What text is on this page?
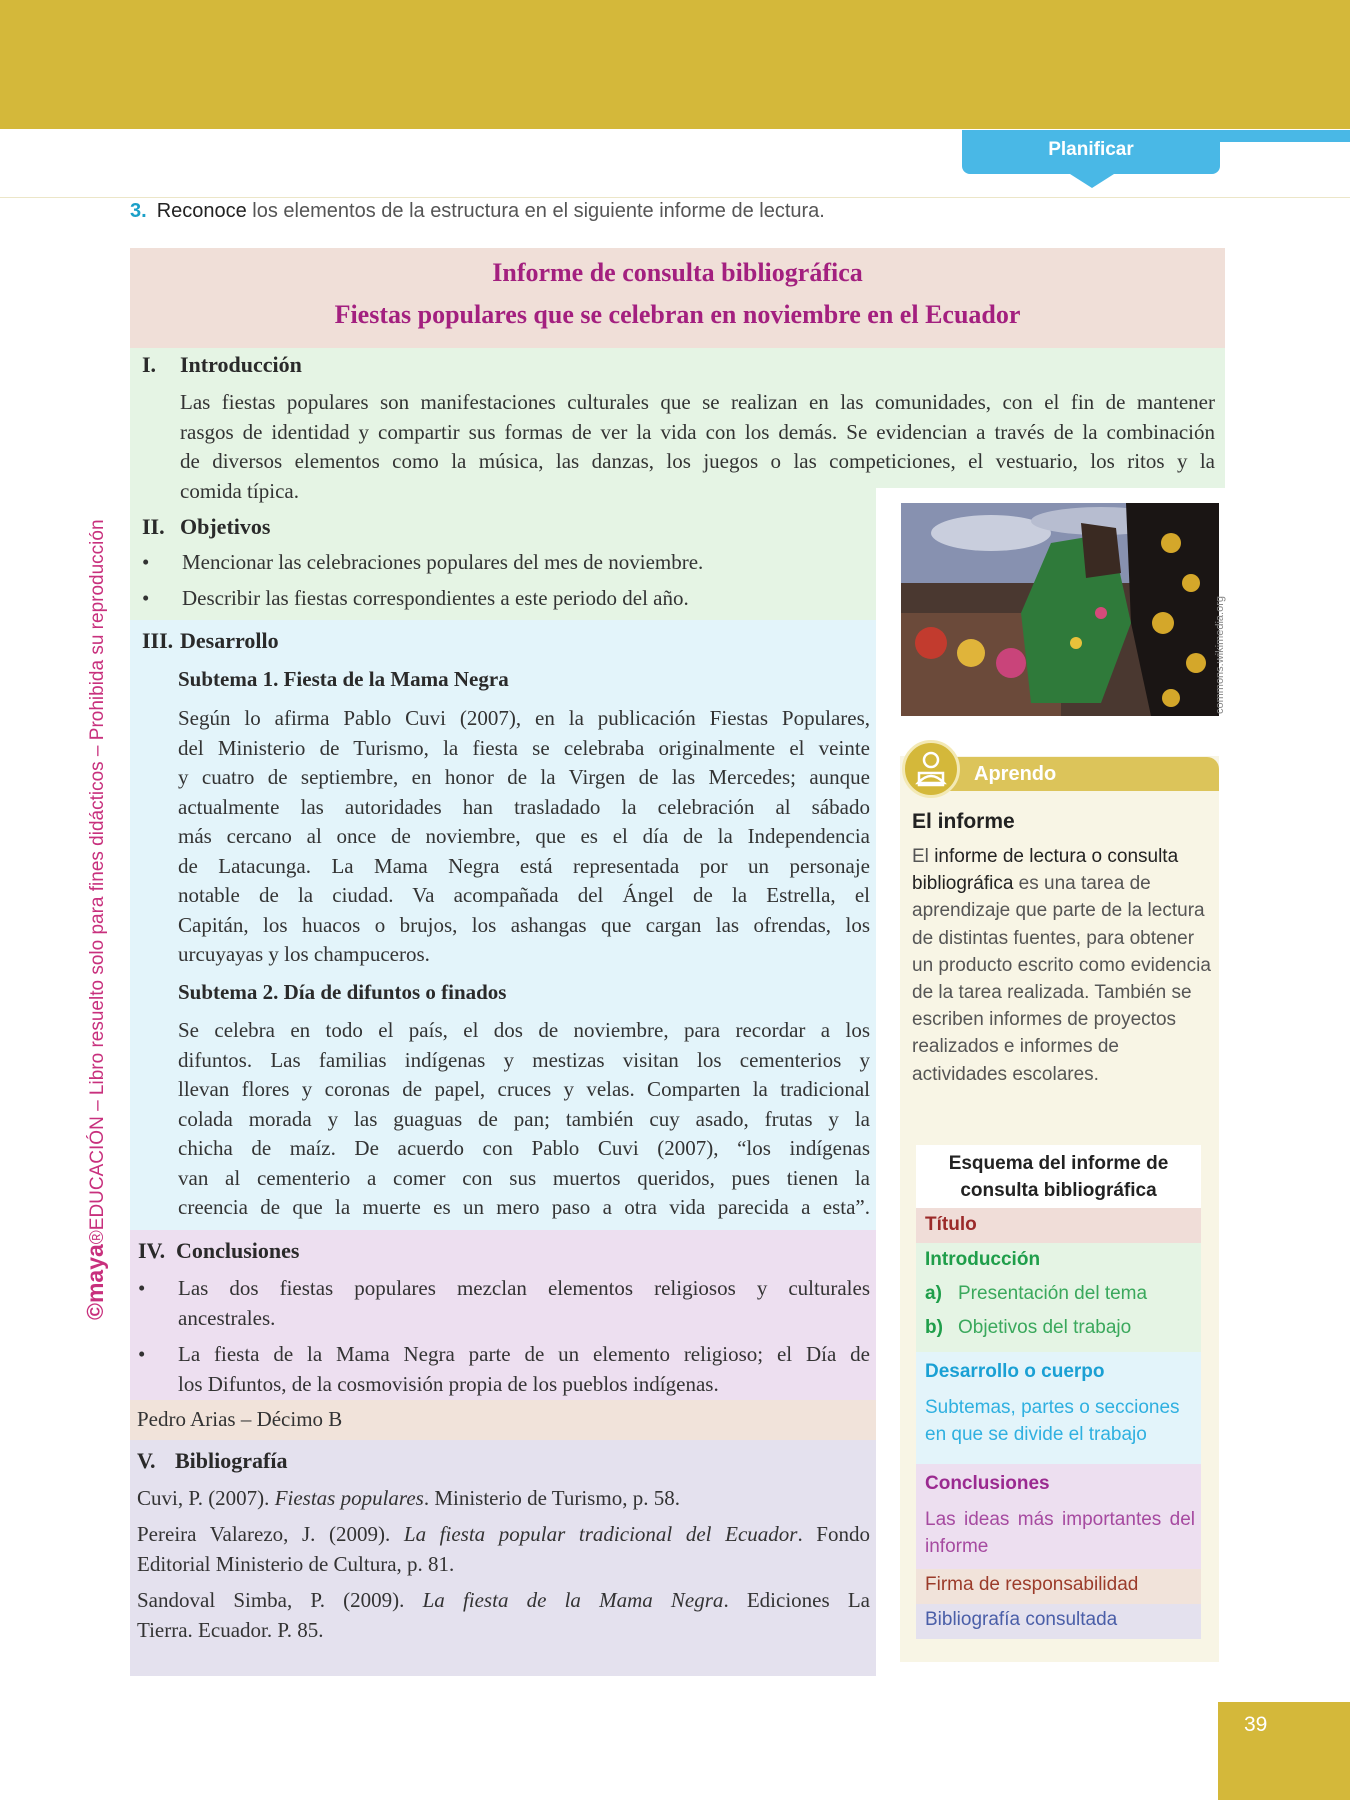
Planificar
©maya®EDUCACIÓN – Libro resuelto solo para fines didácticos – Prohibida su reproducción
3. Reconoce los elementos de la estructura en el siguiente informe de lectura.
Informe de consulta bibliográfica
Fiestas populares que se celebran en noviembre en el Ecuador
I. Introducción
Las fiestas populares son manifestaciones culturales que se realizan en las comunidades, con el fin de mantener
rasgos de identidad y compartir sus formas de ver la vida con los demás. Se evidencian a través de la combinación
de diversos elementos como la música, las danzas, los juegos o las competiciones, el vestuario, los ritos y la
comida típica.
II. Objetivos
• Mencionar las celebraciones populares del mes de noviembre.
• Describir las fiestas correspondientes a este periodo del año.
III. Desarrollo
Subtema 1. Fiesta de la Mama Negra
Según lo afirma Pablo Cuvi (2007), en la publicación Fiestas Populares,
del Ministerio de Turismo, la fiesta se celebraba originalmente el veinte
y cuatro de septiembre, en honor de la Virgen de las Mercedes; aunque
actualmente las autoridades han trasladado la celebración al sábado
más cercano al once de noviembre, que es el día de la Independencia
de Latacunga. La Mama Negra está representada por un personaje
notable de la ciudad. Va acompañada del Ángel de la Estrella, el
Capitán, los huacos o brujos, los ashangas que cargan las ofrendas, los
urcuyayas y los champuceros.
Subtema 2. Día de difuntos o finados
Se celebra en todo el país, el dos de noviembre, para recordar a los
difuntos. Las familias indígenas y mestizas visitan los cementerios y
llevan flores y coronas de papel, cruces y velas. Comparten la tradicional
colada morada y las guaguas de pan; también cuy asado, frutas y la
chicha de maíz. De acuerdo con Pablo Cuvi (2007), “los indígenas
van al cementerio a comer con sus muertos queridos, pues tienen la
creencia de que la muerte es un mero paso a otra vida parecida a esta”.
IV. Conclusiones
• Las dos fiestas populares mezclan elementos religiosos y culturales
ancestrales.
• La fiesta de la Mama Negra parte de un elemento religioso; el Día de
los Difuntos, de la cosmovisión propia de los pueblos indígenas.
Pedro Arias – Décimo B
V. Bibliografía
Cuvi, P. (2007). Fiestas populares. Ministerio de Turismo, p. 58.
Pereira Valarezo, J. (2009). La fiesta popular tradicional del Ecuador. Fondo
Editorial Ministerio de Cultura, p. 81.
Sandoval Simba, P. (2009). La fiesta de la Mama Negra. Ediciones La
Tierra. Ecuador. P. 85.
commons.wikimedia.org
Aprendo
El informe
El informe de lectura o consulta bibliográfica es una tarea de aprendizaje que parte de la lectura de distintas fuentes, para obtener un producto escrito como evidencia de la tarea realizada. También se escriben informes de proyectos realizados e informes de actividades escolares.
Esquema del informe de consulta bibliográfica
Título
Introducción
a) Presentación del tema
b) Objetivos del trabajo
Desarrollo o cuerpo
Subtemas, partes o secciones en que se divide el trabajo
Conclusiones
Las ideas más importantes del informe
Firma de responsabilidad
Bibliografía consultada
39
